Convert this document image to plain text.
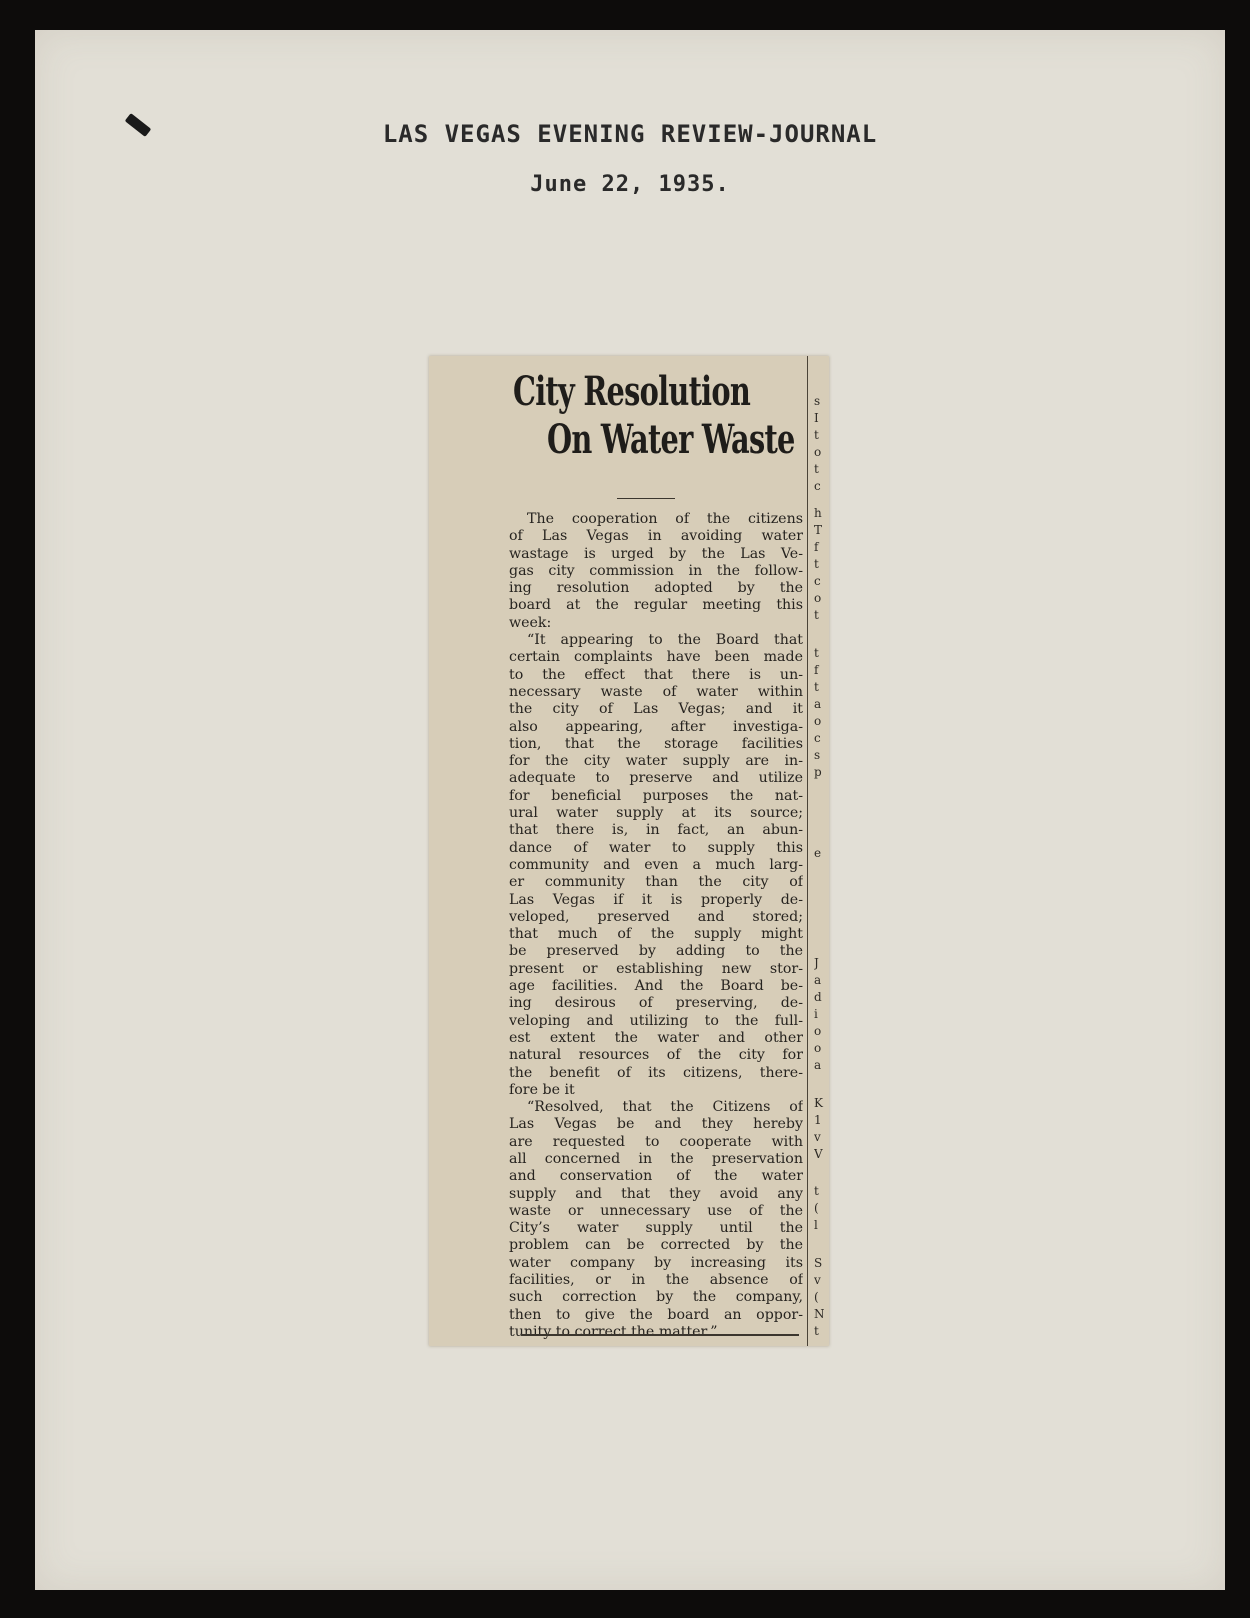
LAS VEGAS EVENING REVIEW-JOURNAL
June 22, 1935.
City Resolution
On Water Waste
The cooperation of the citizens
of Las Vegas in avoiding water
wastage is urged by the Las Ve-
gas city commission in the follow-
ing resolution adopted by the
board at the regular meeting this
week:
“It appearing to the Board that
certain complaints have been made
to the effect that there is un-
necessary waste of water within
the city of Las Vegas; and it
also appearing, after investiga-
tion, that the storage facilities
for the city water supply are in-
adequate to preserve and utilize
for beneficial purposes the nat-
ural water supply at its source;
that there is, in fact, an abun-
dance of water to supply this
community and even a much larg-
er community than the city of
Las Vegas if it is properly de-
veloped, preserved and stored;
that much of the supply might
be preserved by adding to the
present or establishing new stor-
age facilities. And the Board be-
ing desirous of preserving, de-
veloping and utilizing to the full-
est extent the water and other
natural resources of the city for
the benefit of its citizens, there-
fore be it
“Resolved, that the Citizens of
Las Vegas be and they hereby
are requested to cooperate with
all concerned in the preservation
and conservation of the water
supply and that they avoid any
waste or unnecessary use of the
City’s water supply until the
problem can be corrected by the
water company by increasing its
facilities, or in the absence of
such correction by the company,
then to give the board an oppor-
tunity to correct the matter.”
s
I
t
o
t
c
h
T
f
t
c
o
t
t
f
t
a
o
c
s
p
e
J
a
d
i
o
o
a
K
1
v
V
t
(
l
S
v
(
N
t
